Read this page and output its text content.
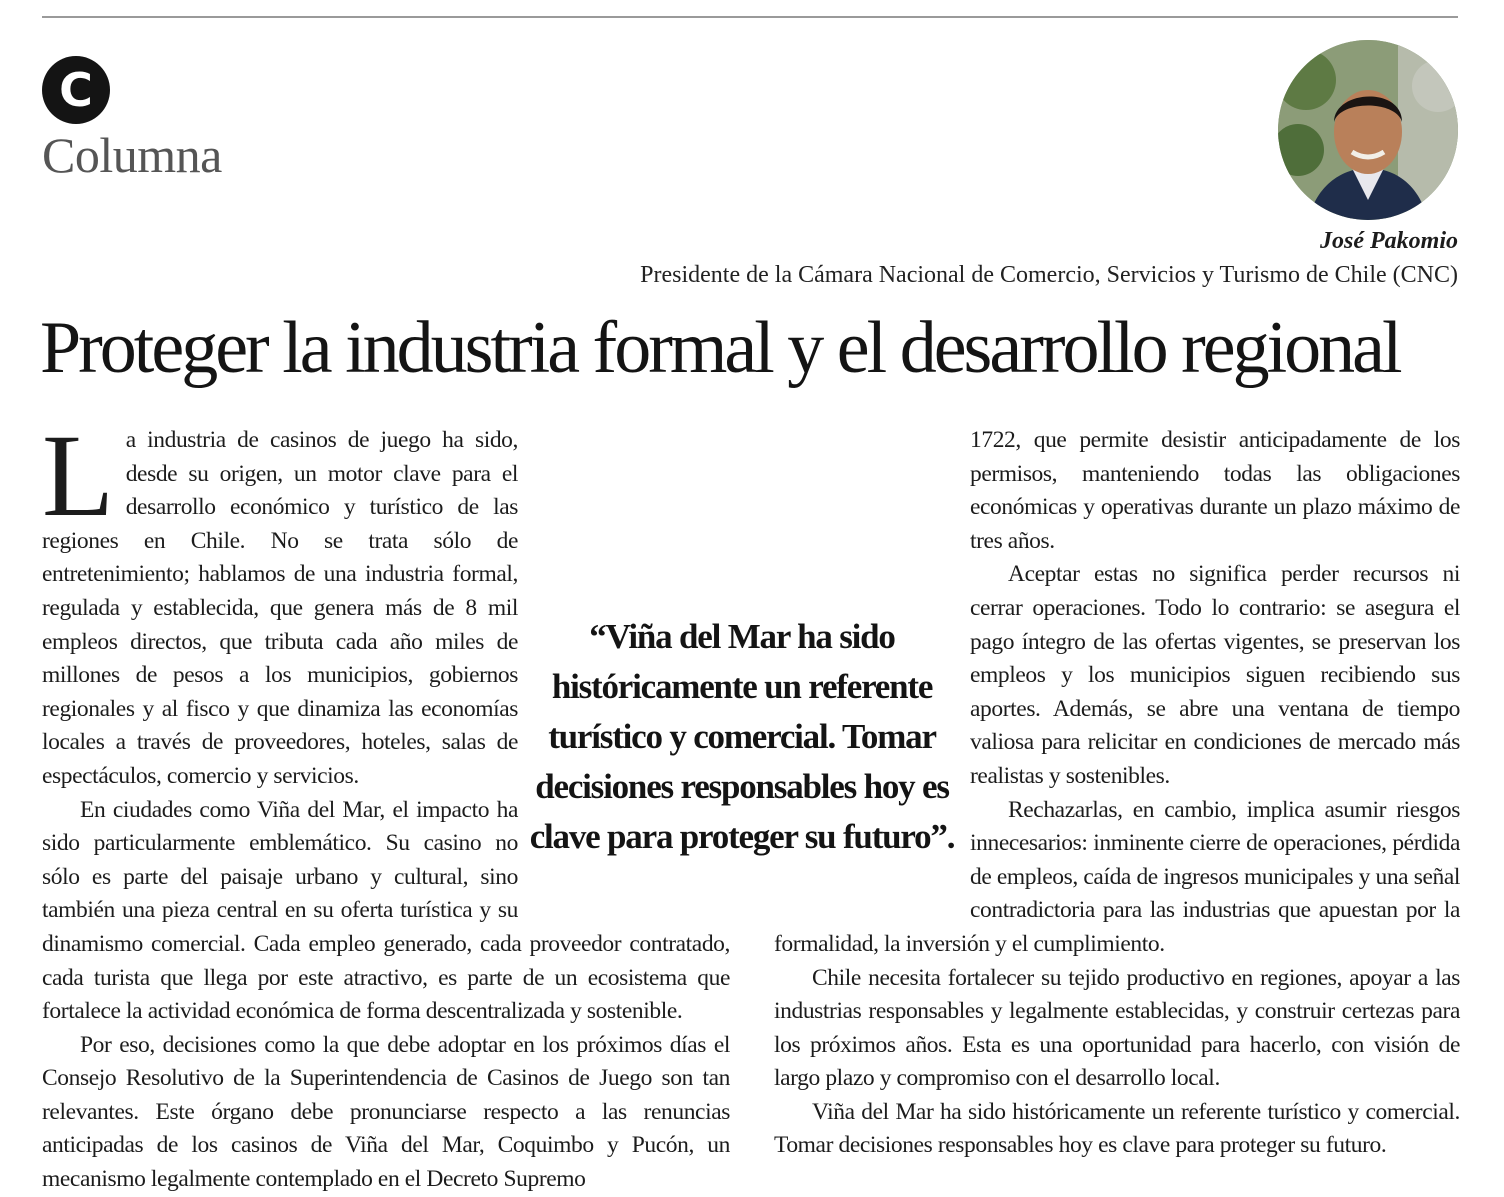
C
Columna
José Pakomio
Presidente de la Cámara Nacional de Comercio, Servicios y Turismo de Chile (CNC)
Proteger la industria formal y el desarrollo regional

La industria de casinos de juego ha sido, desde su origen, un motor clave para el desarrollo económico y turístico de las regiones en Chile. No se trata sólo de entretenimiento; hablamos de una industria formal, regulada y establecida, que genera más de 8 mil empleos directos, que tributa cada año miles de millones de pesos a los municipios, gobiernos regionales y al fisco y que dinamiza las economías locales a través de proveedores, hoteles, salas de espectáculos, comercio y servicios.

En ciudades como Viña del Mar, el impacto ha sido particularmente emblemático. Su casino no sólo es parte del paisaje urbano y cultural, sino también una pieza central en su oferta turística y su dinamismo comercial. Cada empleo generado, cada proveedor contratado, cada turista que llega por este atractivo, es parte de un ecosistema que fortalece la actividad económica de forma descentralizada y sostenible.

Por eso, decisiones como la que debe adoptar en los próximos días el Consejo Resolutivo de la Superintendencia de Casinos de Juego son tan relevantes. Este órgano debe pronunciarse respecto a las renuncias anticipadas de los casinos de Viña del Mar, Coquimbo y Pucón, un mecanismo legalmente contemplado en el Decreto Supremo

1722, que permite desistir anticipadamente de los permisos, manteniendo todas las obligaciones económicas y operativas durante un plazo máximo de tres años.

Aceptar estas no significa perder recursos ni cerrar operaciones. Todo lo contrario: se asegura el pago íntegro de las ofertas vigentes, se preservan los empleos y los municipios siguen recibiendo sus aportes. Además, se abre una ventana de tiempo valiosa para relicitar en condiciones de mercado más realistas y sostenibles.

Rechazarlas, en cambio, implica asumir riesgos innecesarios: inminente cierre de operaciones, pérdida de empleos, caída de ingresos municipales y una señal contradictoria para las industrias que apuestan por la formalidad, la inversión y el cumplimiento.

Chile necesita fortalecer su tejido productivo en regiones, apoyar a las industrias responsables y legalmente establecidas, y construir certezas para los próximos años. Esta es una oportunidad para hacerlo, con visión de largo plazo y compromiso con el desarrollo local.

Viña del Mar ha sido históricamente un referente turístico y comercial. Tomar decisiones responsables hoy es clave para proteger su futuro.

“Viña del Mar ha sido históricamente un referente turístico y comercial. Tomar decisiones responsables hoy es clave para proteger su futuro”.
